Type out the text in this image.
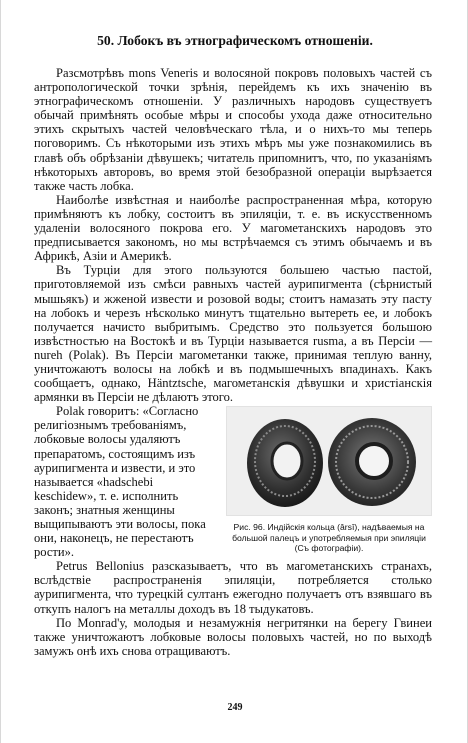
50. Лобокъ въ этнографическомъ отношенiи.

Разсмотрѣвъ mons Veneris и волосяной покровъ половыхъ частей съ антропологической точки зрѣнiя, перейдемъ къ ихъ значенiю въ этнографическомъ отношенiи. У различныхъ народовъ существуетъ обычай примѣнять особые мѣры и способы ухода даже относительно этихъ скрытыхъ частей человѣческаго тѣла, и о нихъ-то мы теперь поговоримъ. Съ нѣкоторыми изъ этихъ мѣръ мы уже познакомились въ главѣ объ обрѣзанiи дѣвушекъ; читатель припомнитъ, что, по указанiямъ нѣкоторыхъ авторовъ, во время этой безобразной операцiи вырѣзается также часть лобка.

Наиболѣе извѣстная и наиболѣе распространенная мѣра, которую примѣняютъ къ лобку, состоитъ въ эпиляцiи, т. е. въ искусственномъ удаленiи волосяного покрова его. У магометанскихъ народовъ это предписывается закономъ, но мы встрѣчаемся съ этимъ обычаемъ и въ Африкѣ, Азiи и Америкѣ.

Въ Турцiи для этого пользуются большею частью пастой, приготовляемой изъ смѣси равныхъ частей аурипигмента (сѣрнистый мышьякъ) и жженой извести и розовой воды; стоитъ намазать эту пасту на лобокъ и черезъ нѣсколько минутъ тщательно вытереть ее, и лобокъ получается начисто выбритымъ. Средство это пользуется большою извѣстностью на Востокѣ и въ Турцiи называется rusma, а въ Персiи — nureh (Polak). Въ Персiи магометанки также, принимая теплую ванну, уничтожаютъ волосы на лобкѣ и въ подмышечныхъ впадинахъ. Какъ сообщаетъ, однако, Häntztsche, магометанскiя дѣвушки и христiанскiя армянки въ Персiи не дѣлаютъ этого.

Рис. 96. Индiйскiя кольца (ârsî), надѣваемыя на большой палецъ и употребляемыя при эпиляцiи (Съ фотографiи).

Polak говоритъ: «Согласно религiознымъ требованiямъ, лобковые волосы удаляютъ препаратомъ, состоящимъ изъ аурипигмента и извести, и это называется «hadschebi keschidew», т. е. исполнить законъ; знатныя женщины выщипываютъ эти волосы, пока они, наконецъ, не перестаютъ рости».

Petrus Bellonius разсказываетъ, что въ магометанскихъ странахъ, вслѣдствiе распространенiя эпиляцiи, потребляется столько аурипигмента, что турецкiй султанъ ежегодно получаетъ отъ взявшаго въ откупъ налогъ на металлы доходъ въ 18 тыдукатовъ.

По Monrad'у, молодыя и незамужнiя негритянки на берегу Гвинеи также уничтожаютъ лобковые волосы половыхъ частей, но по выходѣ замужъ онѣ ихъ снова отращиваютъ.

249
